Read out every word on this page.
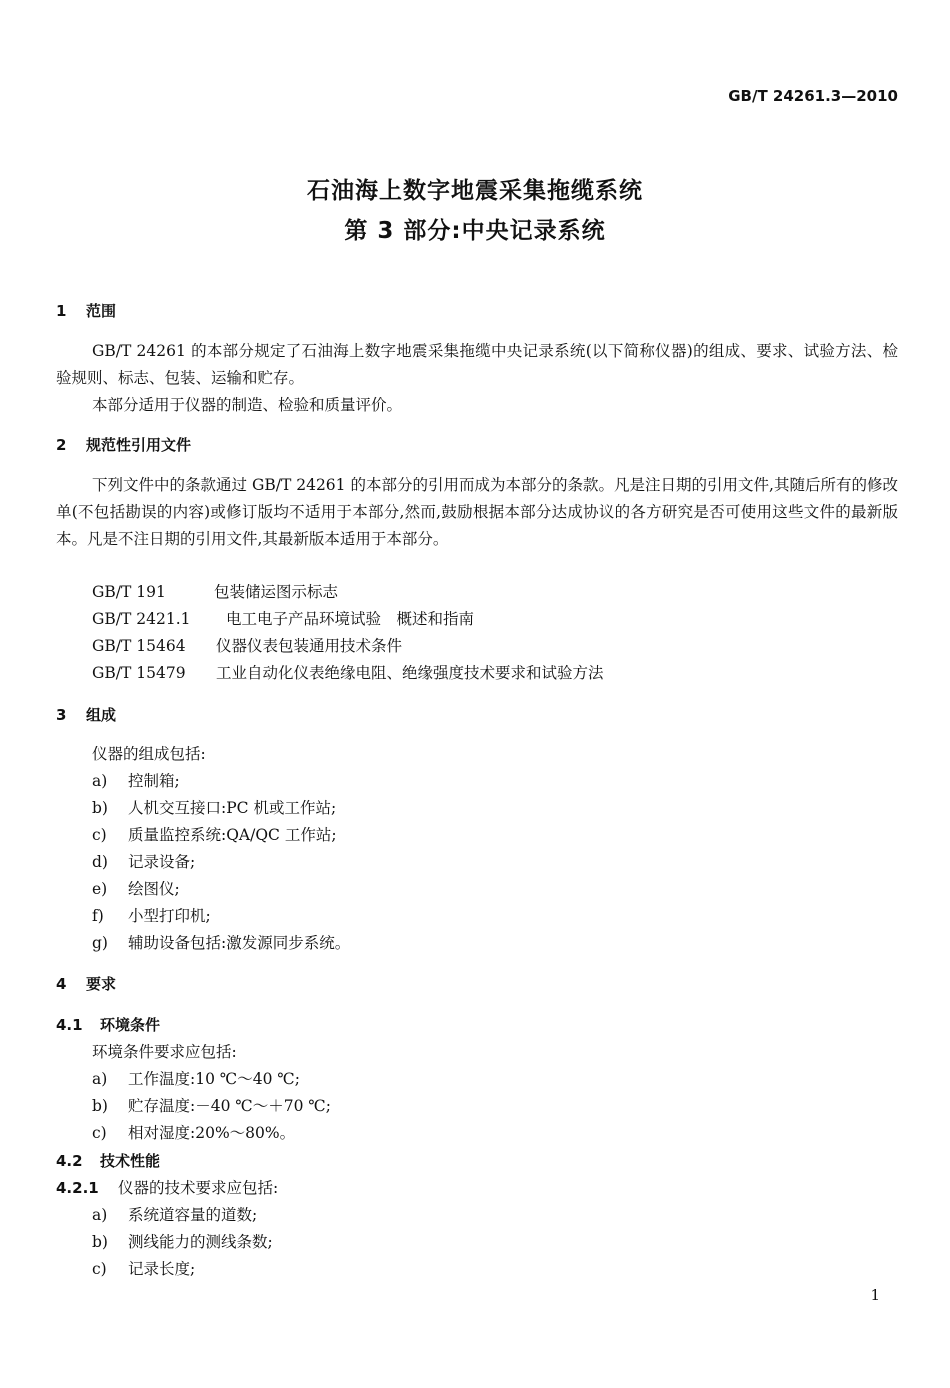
GB/T 24261.3—2010
石油海上数字地震采集拖缆系统
第 3 部分:中央记录系统
1 范围
GB/T 24261 的本部分规定了石油海上数字地震采集拖缆中央记录系统(以下简称仪器)的组成、要求、试验方法、检验规则、标志、包装、运输和贮存。
本部分适用于仪器的制造、检验和质量评价。
2 规范性引用文件
下列文件中的条款通过 GB/T 24261 的本部分的引用而成为本部分的条款。凡是注日期的引用文件,其随后所有的修改单(不包括勘误的内容)或修订版均不适用于本部分,然而,鼓励根据本部分达成协议的各方研究是否可使用这些文件的最新版本。凡是不注日期的引用文件,其最新版本适用于本部分。
GB/T 191	包装储运图示标志
GB/T 2421.1 电工电子产品环境试验　概述和指南
GB/T 15464 仪器仪表包装通用技术条件
GB/T 15479 工业自动化仪表绝缘电阻、绝缘强度技术要求和试验方法
3 组成
仪器的组成包括:
a) 控制箱;
b) 人机交互接口:PC 机或工作站;
c) 质量监控系统:QA/QC 工作站;
d) 记录设备;
e) 绘图仪;
f) 小型打印机;
g) 辅助设备包括:激发源同步系统。
4 要求
4.1 环境条件
环境条件要求应包括:
a) 工作温度:10 ℃～40 ℃;
b) 贮存温度:－40 ℃～＋70 ℃;
c) 相对湿度:20%～80%。
4.2 技术性能
4.2.1 仪器的技术要求应包括:
a) 系统道容量的道数;
b) 测线能力的测线条数;
c) 记录长度;
1
